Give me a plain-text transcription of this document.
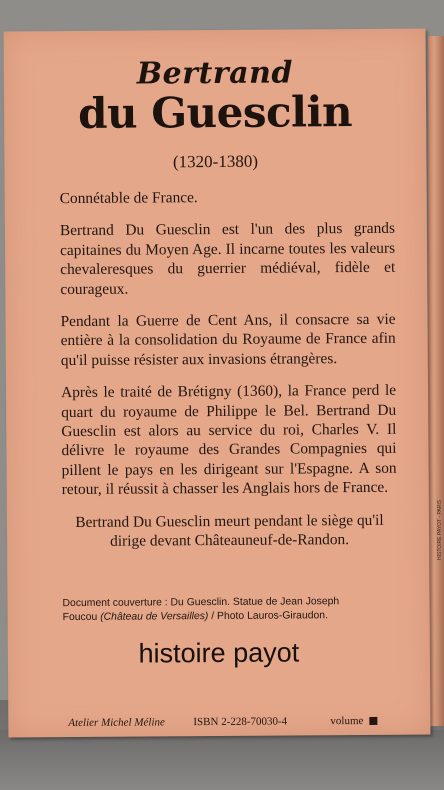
HISTOIRE PAYOT - PARIS
Bertrand
du Guesclin
(1320-1380)

Connétable de France.

Bertrand Du Guesclin est l'un des plus grands capitaines du Moyen Age. Il incarne toutes les valeurs chevaleresques du guerrier médiéval, fidèle et courageux.

Pendant la Guerre de Cent Ans, il consacre sa vie entière à la consolidation du Royaume de France afin qu'il puisse résister aux invasions étrangères.

Après le traité de Brétigny (1360), la France perd le quart du royaume de Philippe le Bel. Bertrand Du Guesclin est alors au service du roi, Charles V. Il délivre le royaume des Grandes Compagnies qui pillent le pays en les dirigeant sur l'Espagne. A son retour, il réussit à chasser les Anglais hors de France.

Bertrand Du Guesclin meurt pendant le siège qu'il dirige devant Châteauneuf-de-Randon.

Document couverture : Du Guesclin. Statue de Jean Joseph
Foucou (Château de Versailles) / Photo Lauros-Giraudon.
histoire payot
Atelier Michel Méline	ISBN 2-228-70030-4	volume
